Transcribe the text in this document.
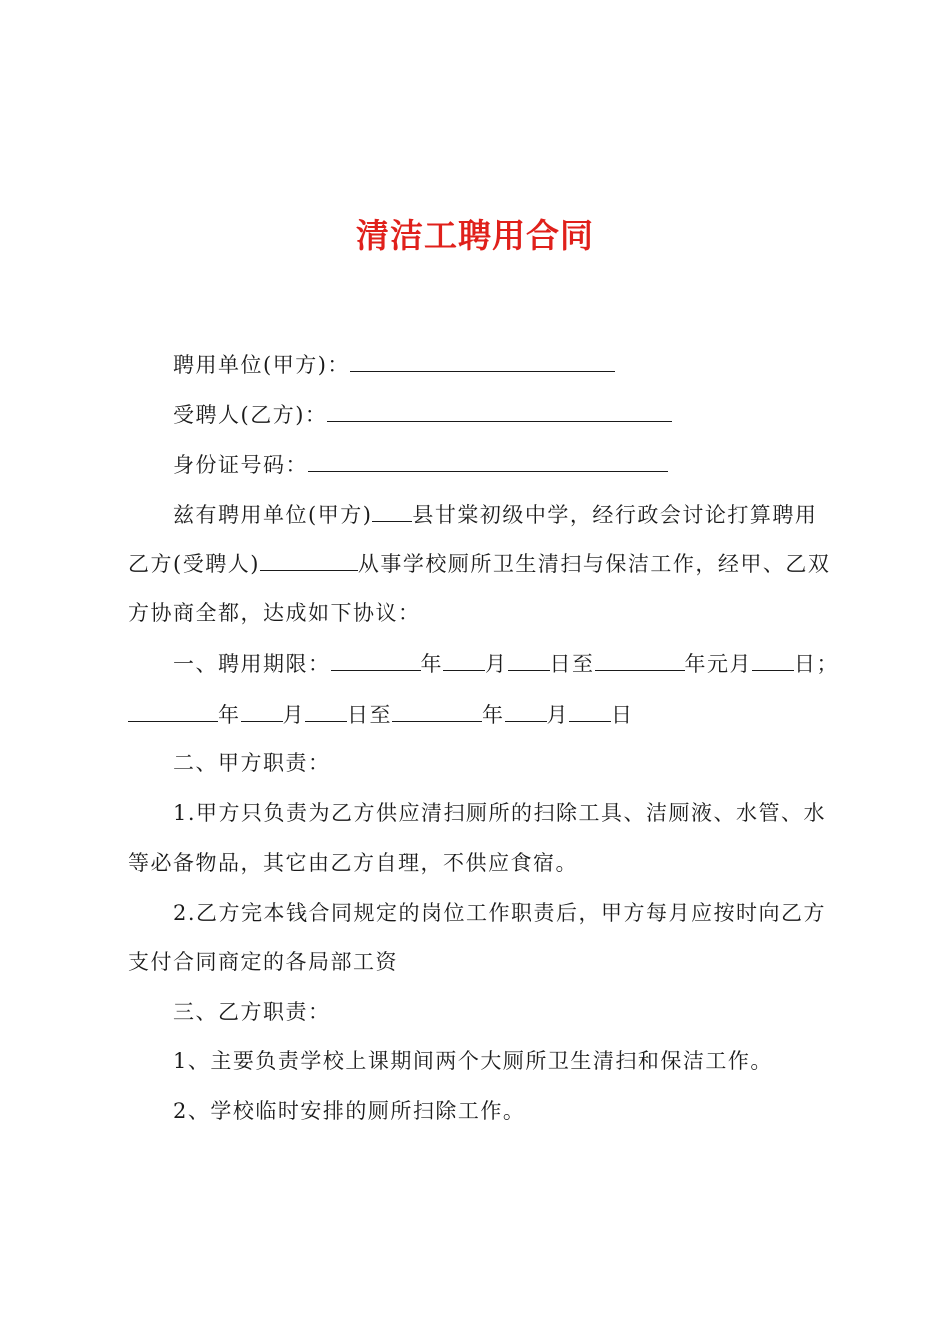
清洁工聘用合同
聘用单位(甲方)：
受聘人(乙方)：
身份证号码：
兹有聘用单位(甲方) 县甘棠初级中学，经行政会讨论打算聘用
乙方(受聘人)	从事学校厕所卫生清扫与保洁工作，经甲、乙双
方协商全都，达成如下协议：
一、聘用期限：	年 月 日至	年元月 日；
年 月 日至	年 月 日
二、甲方职责：
1.甲方只负责为乙方供应清扫厕所的扫除工具、洁厕液、水管、水
等必备物品，其它由乙方自理，不供应食宿。
2.乙方完本钱合同规定的岗位工作职责后，甲方每月应按时向乙方
支付合同商定的各局部工资
三、乙方职责：
1、主要负责学校上课期间两个大厕所卫生清扫和保洁工作。
2、学校临时安排的厕所扫除工作。
